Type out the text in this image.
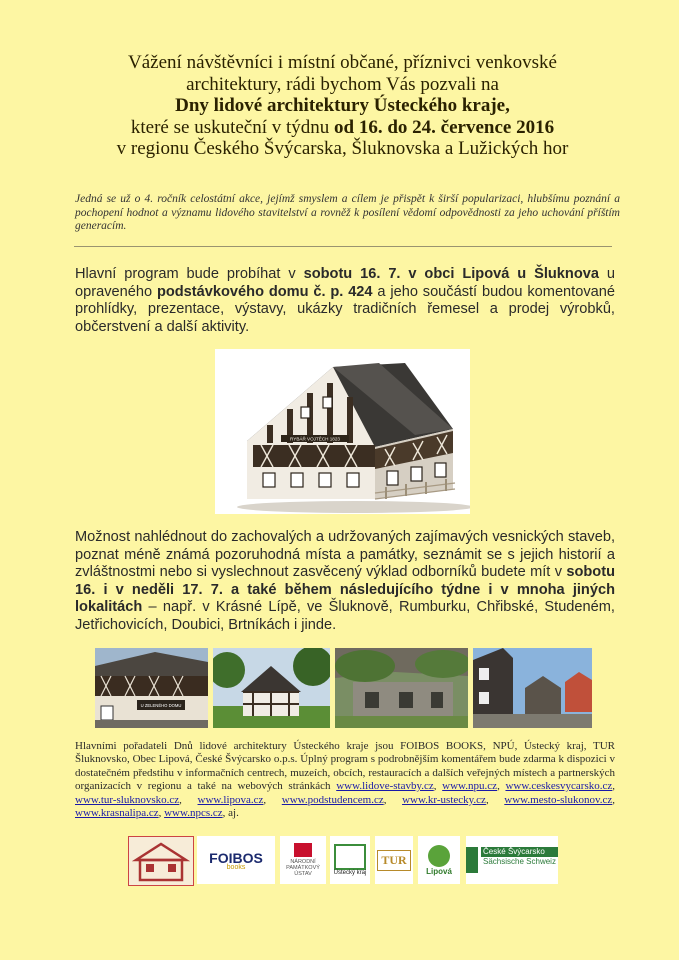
Vážení návštěvníci i místní občané, příznivci venkovské
architektury, rádi bychom Vás pozvali na
Dny lidové architektury Ústeckého kraje,
které se uskuteční v týdnu od 16. do 24. července 2016
v regionu Českého Švýcarska, Šluknovska a Lužických hor
Jedná se už o 4. ročník celostátní akce, jejímž smyslem a cílem je přispět k širší popularizaci, hlubšímu poznání a pochopení hodnot a významu lidového stavitelství a rovněž k posílení vědomí odpovědnosti za jeho uchování příštím generacím.
Hlavní program bude probíhat v sobotu 16. 7. v obci Lipová u Šluknova u opraveného podstávkového domu č. p. 424 a jeho součástí budou komentované prohlídky, prezentace, výstavy, ukázky tradičních řemesel a prodej výrobků, občerstvení a další aktivity.
RYBÁŘ VOJTĚCH 1823
Možnost nahlédnout do zachovalých a udržovaných zajímavých vesnických staveb, poznat méně známá pozoruhodná místa a památky, seznámit se s jejich historií a zvláštnostmi nebo si vyslechnout zasvěcený výklad odborníků budete mít v sobotu 16. i v neděli 17. 7. a také během následujícího týdne i v mnoha jiných lokalitách – např. v Krásné Lípě, ve Šluknově, Rumburku, Chřibské, Studeném, Jetřichovicích, Doubici, Brtníkách i jinde.
U ZELENÉHO DOMU
Hlavními pořadateli Dnů lidové architektury Ústeckého kraje jsou FOIBOS BOOKS, NPÚ, Ústecký kraj, TUR Šluknovsko, Obec Lipová, České Švýcarsko o.p.s. Úplný program s podrobnějším komentářem bude zdarma k dispozici v dostatečném předstihu v informačních centrech, muzeích, obcích, restauracích a dalších veřejných místech a partnerských organizacích v regionu a také na webových stránkách www.lidove-stavby.cz, www.npu.cz, www.ceskesvycarsko.cz, www.tur-sluknovsko.cz, www.lipova.cz, www.podstudencem.cz, www.kr-ustecky.cz, www.mesto-slukonov.cz, www.krasnalipa.cz, www.npcs.cz, aj.
FOIBOS
books
NÁRODNÍ
PAMÁTKOVÝ
ÚSTAV	Ústecký kraj
TUR
Lipová
České Švýcarsko
Sächsische Schweiz
